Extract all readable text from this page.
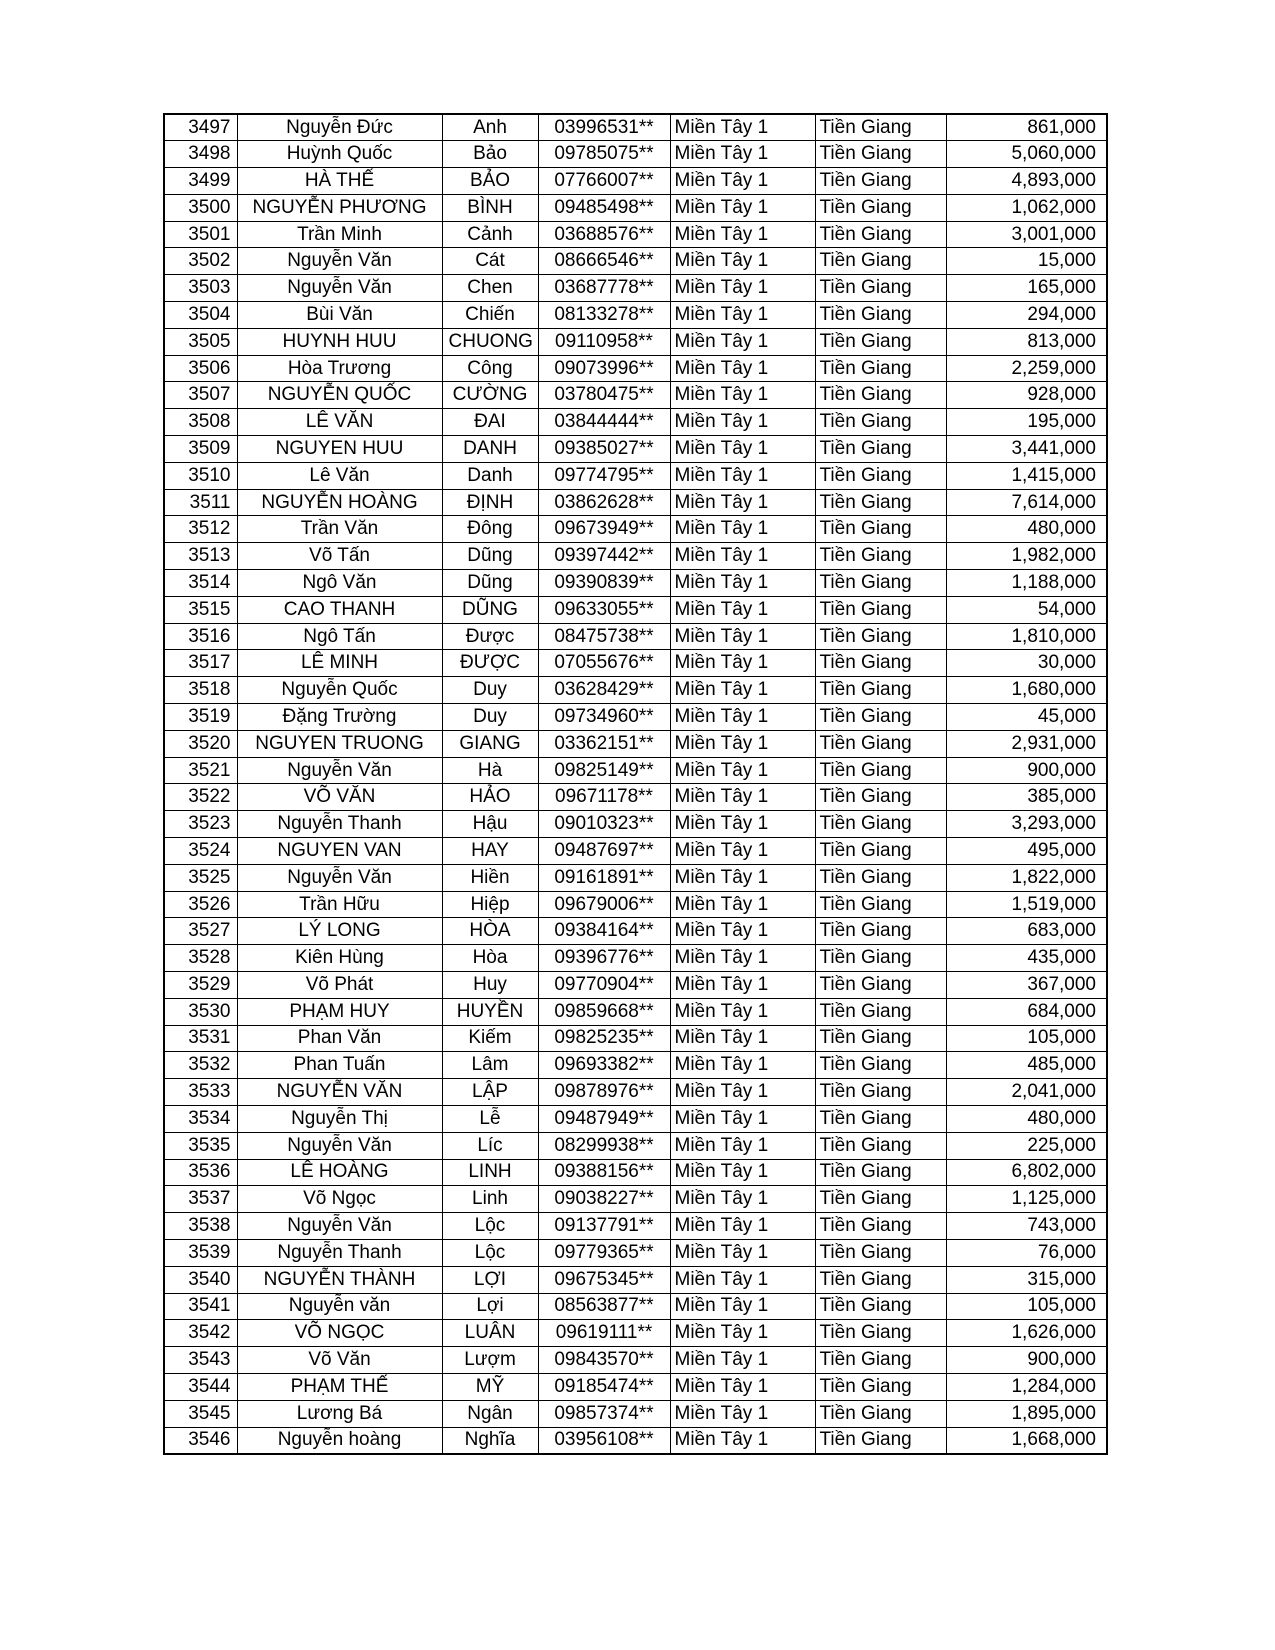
3497	Nguyễn Đức	Anh	03996531**	Miền Tây 1	Tiền Giang	861,000
3498	Huỳnh Quốc	Bảo	09785075**	Miền Tây 1	Tiền Giang	5,060,000
3499	HÀ THẾ	BẢO	07766007**	Miền Tây 1	Tiền Giang	4,893,000
3500	NGUYỄN PHƯƠNG	BÌNH	09485498**	Miền Tây 1	Tiền Giang	1,062,000
3501	Trần Minh	Cảnh	03688576**	Miền Tây 1	Tiền Giang	3,001,000
3502	Nguyễn Văn	Cát	08666546**	Miền Tây 1	Tiền Giang	15,000
3503	Nguyễn Văn	Chen	03687778**	Miền Tây 1	Tiền Giang	165,000
3504	Bùi Văn	Chiến	08133278**	Miền Tây 1	Tiền Giang	294,000
3505	HUYNH HUU	CHUONG	09110958**	Miền Tây 1	Tiền Giang	813,000
3506	Hòa Trương	Công	09073996**	Miền Tây 1	Tiền Giang	2,259,000
3507	NGUYỄN QUỐC	CƯỜNG	03780475**	Miền Tây 1	Tiền Giang	928,000
3508	LÊ VĂN	ĐAI	03844444**	Miền Tây 1	Tiền Giang	195,000
3509	NGUYEN HUU	DANH	09385027**	Miền Tây 1	Tiền Giang	3,441,000
3510	Lê Văn	Danh	09774795**	Miền Tây 1	Tiền Giang	1,415,000
3511	NGUYỄN HOÀNG	ĐỊNH	03862628**	Miền Tây 1	Tiền Giang	7,614,000
3512	Trần Văn	Đông	09673949**	Miền Tây 1	Tiền Giang	480,000
3513	Võ Tấn	Dũng	09397442**	Miền Tây 1	Tiền Giang	1,982,000
3514	Ngô Văn	Dũng	09390839**	Miền Tây 1	Tiền Giang	1,188,000
3515	CAO THANH	DŨNG	09633055**	Miền Tây 1	Tiền Giang	54,000
3516	Ngô Tấn	Được	08475738**	Miền Tây 1	Tiền Giang	1,810,000
3517	LÊ MINH	ĐƯỢC	07055676**	Miền Tây 1	Tiền Giang	30,000
3518	Nguyễn Quốc	Duy	03628429**	Miền Tây 1	Tiền Giang	1,680,000
3519	Đặng Trường	Duy	09734960**	Miền Tây 1	Tiền Giang	45,000
3520	NGUYEN TRUONG	GIANG	03362151**	Miền Tây 1	Tiền Giang	2,931,000
3521	Nguyễn Văn	Hà	09825149**	Miền Tây 1	Tiền Giang	900,000
3522	VÕ VĂN	HẢO	09671178**	Miền Tây 1	Tiền Giang	385,000
3523	Nguyễn Thanh	Hậu	09010323**	Miền Tây 1	Tiền Giang	3,293,000
3524	NGUYEN VAN	HAY	09487697**	Miền Tây 1	Tiền Giang	495,000
3525	Nguyễn Văn	Hiền	09161891**	Miền Tây 1	Tiền Giang	1,822,000
3526	Trần Hữu	Hiệp	09679006**	Miền Tây 1	Tiền Giang	1,519,000
3527	LÝ LONG	HÒA	09384164**	Miền Tây 1	Tiền Giang	683,000
3528	Kiên Hùng	Hòa	09396776**	Miền Tây 1	Tiền Giang	435,000
3529	Võ Phát	Huy	09770904**	Miền Tây 1	Tiền Giang	367,000
3530	PHẠM HUY	HUYỀN	09859668**	Miền Tây 1	Tiền Giang	684,000
3531	Phan Văn	Kiếm	09825235**	Miền Tây 1	Tiền Giang	105,000
3532	Phan Tuấn	Lâm	09693382**	Miền Tây 1	Tiền Giang	485,000
3533	NGUYỄN VĂN	LẬP	09878976**	Miền Tây 1	Tiền Giang	2,041,000
3534	Nguyễn Thị	Lễ	09487949**	Miền Tây 1	Tiền Giang	480,000
3535	Nguyễn Văn	Líc	08299938**	Miền Tây 1	Tiền Giang	225,000
3536	LÊ HOÀNG	LINH	09388156**	Miền Tây 1	Tiền Giang	6,802,000
3537	Võ Ngọc	Linh	09038227**	Miền Tây 1	Tiền Giang	1,125,000
3538	Nguyễn Văn	Lộc	09137791**	Miền Tây 1	Tiền Giang	743,000
3539	Nguyễn Thanh	Lộc	09779365**	Miền Tây 1	Tiền Giang	76,000
3540	NGUYỄN THÀNH	LỢI	09675345**	Miền Tây 1	Tiền Giang	315,000
3541	Nguyễn văn	Lợi	08563877**	Miền Tây 1	Tiền Giang	105,000
3542	VÕ NGỌC	LUÂN	09619111**	Miền Tây 1	Tiền Giang	1,626,000
3543	Võ Văn	Lượm	09843570**	Miền Tây 1	Tiền Giang	900,000
3544	PHẠM THẾ	MỸ	09185474**	Miền Tây 1	Tiền Giang	1,284,000
3545	Lương Bá	Ngân	09857374**	Miền Tây 1	Tiền Giang	1,895,000
3546	Nguyễn hoàng	Nghĩa	03956108**	Miền Tây 1	Tiền Giang	1,668,000
